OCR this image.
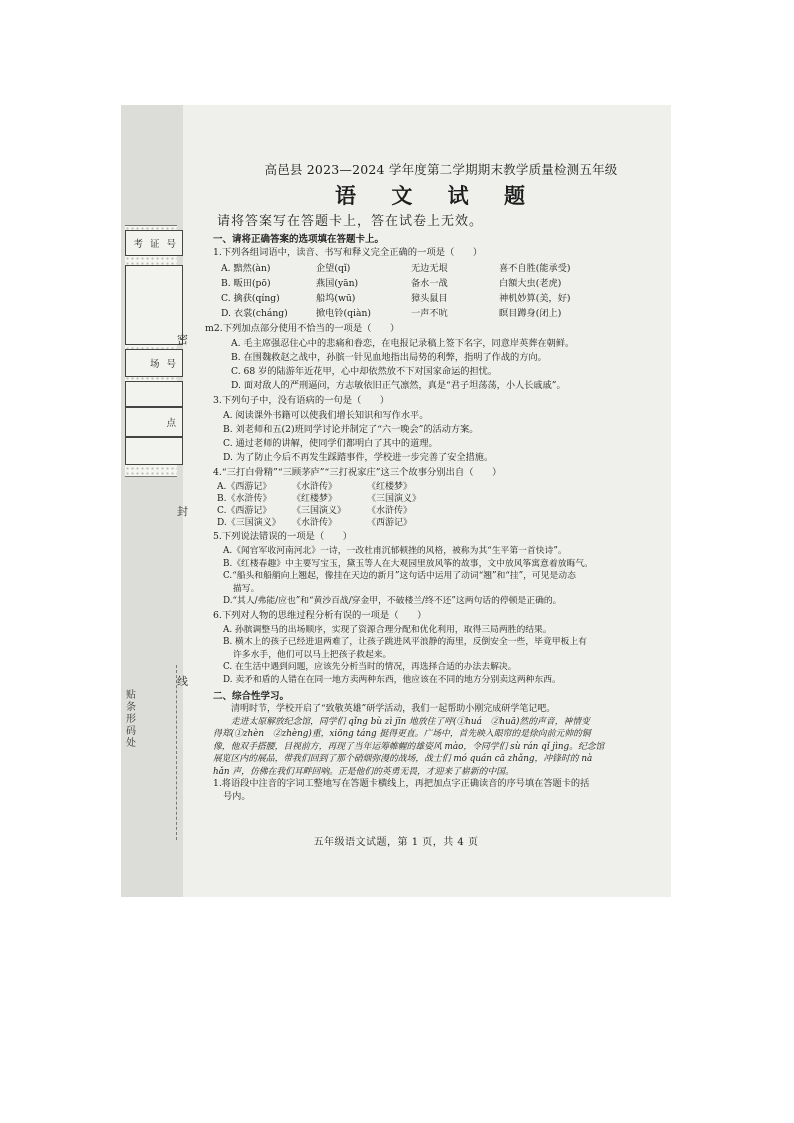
考 证 号
场 号
点
密
封
线
贴条形码处
高邑县 2023—2024 学年度第二学期期末教学质量检测五年级
语 文 试 题
请将答案写在答题卡上，答在试卷上无效。
一、请将正确答案的选项填在答题卡上。
1.下列各组词语中，读音、书写和释义完全正确的一项是（　　）
A. 黯然(àn)	企望(qǐ)	无边无垠	喜不自胜(能承受)
B. 畈田(pō)	燕国(yān)	备水一战	白額大虫(老虎)
C. 擒获(qíng)	船坞(wū)	獐头鼠目	神机妙算(美，好)
D. 衣裳(cháng)	掀电铃(qiàn)	一声不吭	瞑目蹲身(闭上)
m2.下列加点部分使用不恰当的一项是（　　）
A. 毛主席强忍住心中的悲痛和眷恋，在电报记录稿上签下名字，同意岸英葬在朝鲜。
B. 在围魏救赵之战中，孙膑一针见血地指出局势的利弊，指明了作战的方向。
C. 68 岁的陆游年近花甲，心中却依然放不下对国家命运的担忧。
D. 面对敌人的严刑逼问，方志敏依旧正气凛然，真是“君子坦荡荡，小人长戚戚”。
3.下列句子中，没有语病的一句是（　　）
A. 阅读课外书籍可以使我们增长知识和写作水平。
B. 刘老师和五(2)班同学讨论并制定了“六一晚会”的活动方案。
C. 通过老师的讲解，使同学们都明白了其中的道理。
D. 为了防止今后不再发生踩踏事件，学校进一步完善了安全措施。
4.“三打白骨精”“三顾茅庐”“三打祝家庄”这三个故事分别出自（　　）
A.《西游记》	《水浒传》	《红楼梦》
B.《水浒传》	《红楼梦》	《三国演义》
C.《西游记》	《三国演义》	《水浒传》
D.《三国演义》	《水浒传》	《西游记》
5.下列说法错误的一项是（　　）
A.《闻官军收河南河北》一诗，一改杜甫沉郁顿挫的风格，被称为其“生平第一首快诗”。
B.《红楼春趣》中主要写宝玉，黛玉等人在大观园里放风筝的故事，文中放风筝寓意着放晦气。
C.“船头和船艄向上翘起，像挂在天边的新月”这句话中运用了动词“翘”和“挂”，可见是动态
描写。
D.“其人/弗能/应也”和“黄沙百战/穿金甲，不破楼兰/终不还”这两句话的停顿是正确的。
6.下列对人物的思维过程分析有误的一项是（　　）
A. 孙膑调整马的出场顺序，实现了资源合理分配和优化利用，取得三局两胜的结果。
B. 横木上的孩子已经进退两难了，让孩子跳进风平浪静的海里，反倒安全一些，毕竟甲板上有
许多水手，他们可以马上把孩子救起来。
C. 在生活中遇到问题，应该先分析当时的情况，再选择合适的办法去解决。
D. 卖矛和盾的人错在在同一地方卖两种东西，他应该在不同的地方分别卖这两种东西。
二、综合性学习。

清明时节，学校开启了“致敬英雄”研学活动，我们一起帮助小刚完成研学笔记吧。

走进太原解放纪念馆，同学们 qǐng bù zì jīn 地放住了呼(①huá　②huā)然的声音，神情变

得郑(①zhèn　②zhèng)重，xiōng táng 挺得更直。广场中，首先映入眼帘的是徐向前元帅的铜

像，他双手搭腰，目视前方，再现了当年运筹帷幄的雄姿风 mào，令同学们 sù rán qǐ jìng。纪念馆

展览区内的展品，带我们回到了那个硝烟弥漫的战场，战士们 mó quán cā zhǎng，冲锋时的 nà

hǎn 声，仿佛在我们耳畔回响。正是他们的英勇无畏，才迎来了崭新的中国。

1.将语段中注音的字词工整地写在答题卡横线上，再把加点字正确读音的序号填在答题卡的括

号内。

五年级语文试题，第 1 页，共 4 页
